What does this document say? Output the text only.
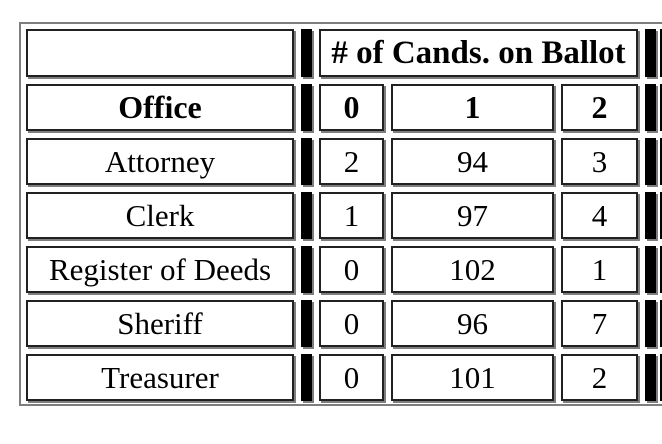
# of Cands. on Ballot
Office	0	1	2
Attorney	2	94	3
Clerk	1	97	4
Register of Deeds	0	102	1
Sheriff	0	96	7
Treasurer	0	101	2
